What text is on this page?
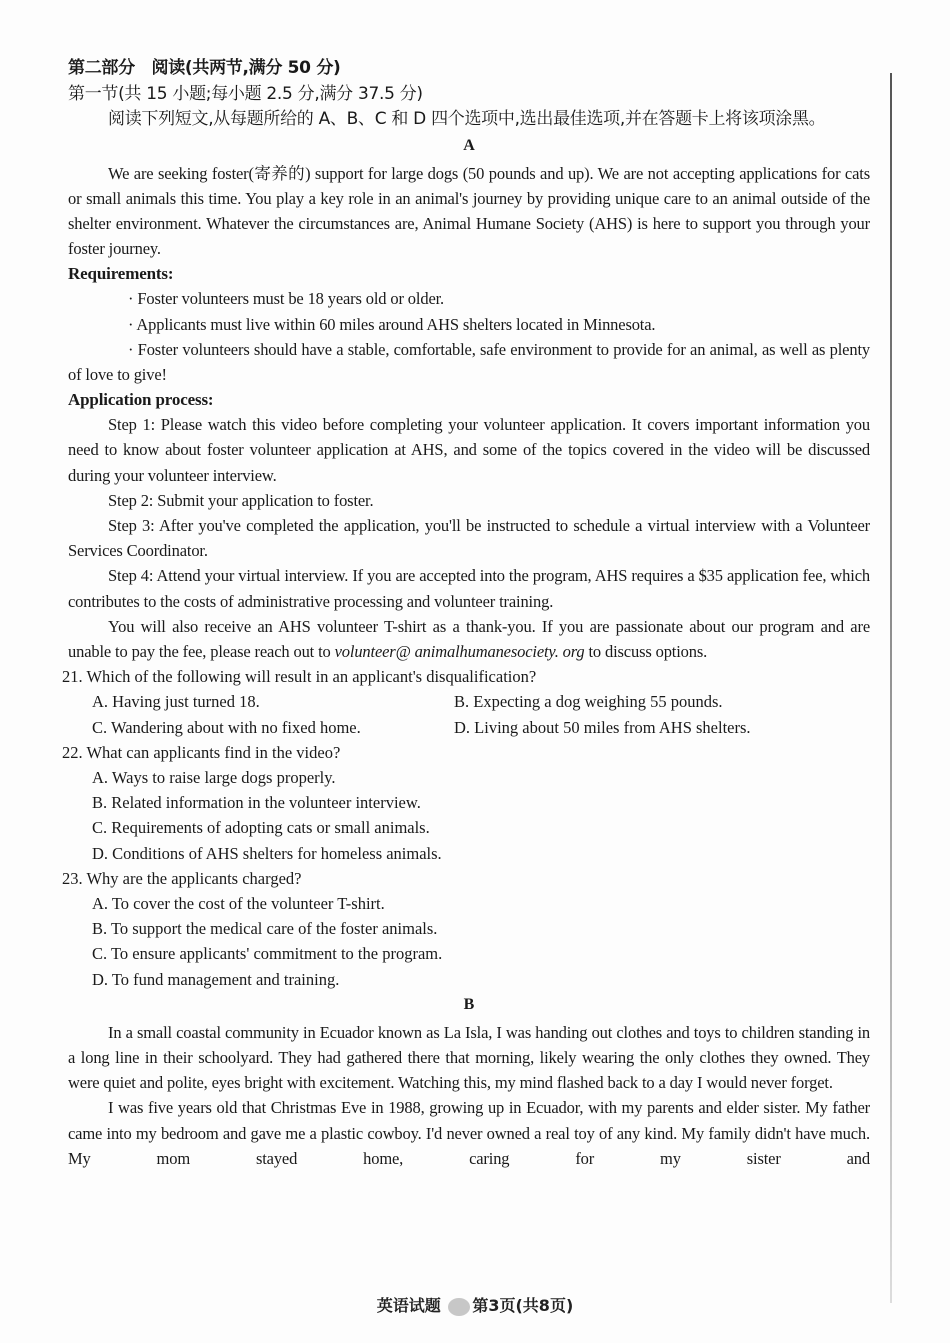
第二部分　阅读(共两节,满分 50 分)
第一节(共 15 小题;每小题 2.5 分,满分 37.5 分)
阅读下列短文,从每题所给的 A、B、C 和 D 四个选项中,选出最佳选项,并在答题卡上将该项涂黑。
A

We are seeking foster(寄养的) support for large dogs (50 pounds and up). We are not accepting applications for cats or small animals this time. You play a key role in an animal's journey by providing unique care to an animal outside of the shelter environment. Whatever the circumstances are, Animal Humane Society (AHS) is here to support you through your foster journey.

Requirements:

· Foster volunteers must be 18 years old or older.

· Applicants must live within 60 miles around AHS shelters located in Minnesota.

· Foster volunteers should have a stable, comfortable, safe environment to provide for an animal, as well as plenty of love to give!

Application process:

Step 1: Please watch this video before completing your volunteer application. It covers important information you need to know about foster volunteer application at AHS, and some of the topics covered in the video will be discussed during your volunteer interview.

Step 2: Submit your application to foster.

Step 3: After you've completed the application, you'll be instructed to schedule a virtual interview with a Volunteer Services Coordinator.

Step 4: Attend your virtual interview. If you are accepted into the program, AHS requires a $35 application fee, which contributes to the costs of administrative processing and volunteer training.

You will also receive an AHS volunteer T-shirt as a thank-you. If you are passionate about our program and are unable to pay the fee, please reach out to volunteer@ animalhumanesociety. org to discuss options.

21. Which of the following will result in an applicant's disqualification?
A. Having just turned 18.	B. Expecting a dog weighing 55 pounds.
C. Wandering about with no fixed home.	D. Living about 50 miles from AHS shelters.
22. What can applicants find in the video?
A. Ways to raise large dogs properly.
B. Related information in the volunteer interview.
C. Requirements of adopting cats or small animals.
D. Conditions of AHS shelters for homeless animals.
23. Why are the applicants charged?
A. To cover the cost of the volunteer T-shirt.
B. To support the medical care of the foster animals.
C. To ensure applicants' commitment to the program.
D. To fund management and training.
B

In a small coastal community in Ecuador known as La Isla, I was handing out clothes and toys to children standing in a long line in their schoolyard. They had gathered there that morning, likely wearing the only clothes they owned. They were quiet and polite, eyes bright with excitement. Watching this, my mind flashed back to a day I would never forget.

I was five years old that Christmas Eve in 1988, growing up in Ecuador, with my parents and elder sister. My father came into my bedroom and gave me a plastic cowboy. I'd never owned a real toy of any kind. My family didn't have much. My mom stayed home, caring for my sister and

英语试题 第3页(共8页)
